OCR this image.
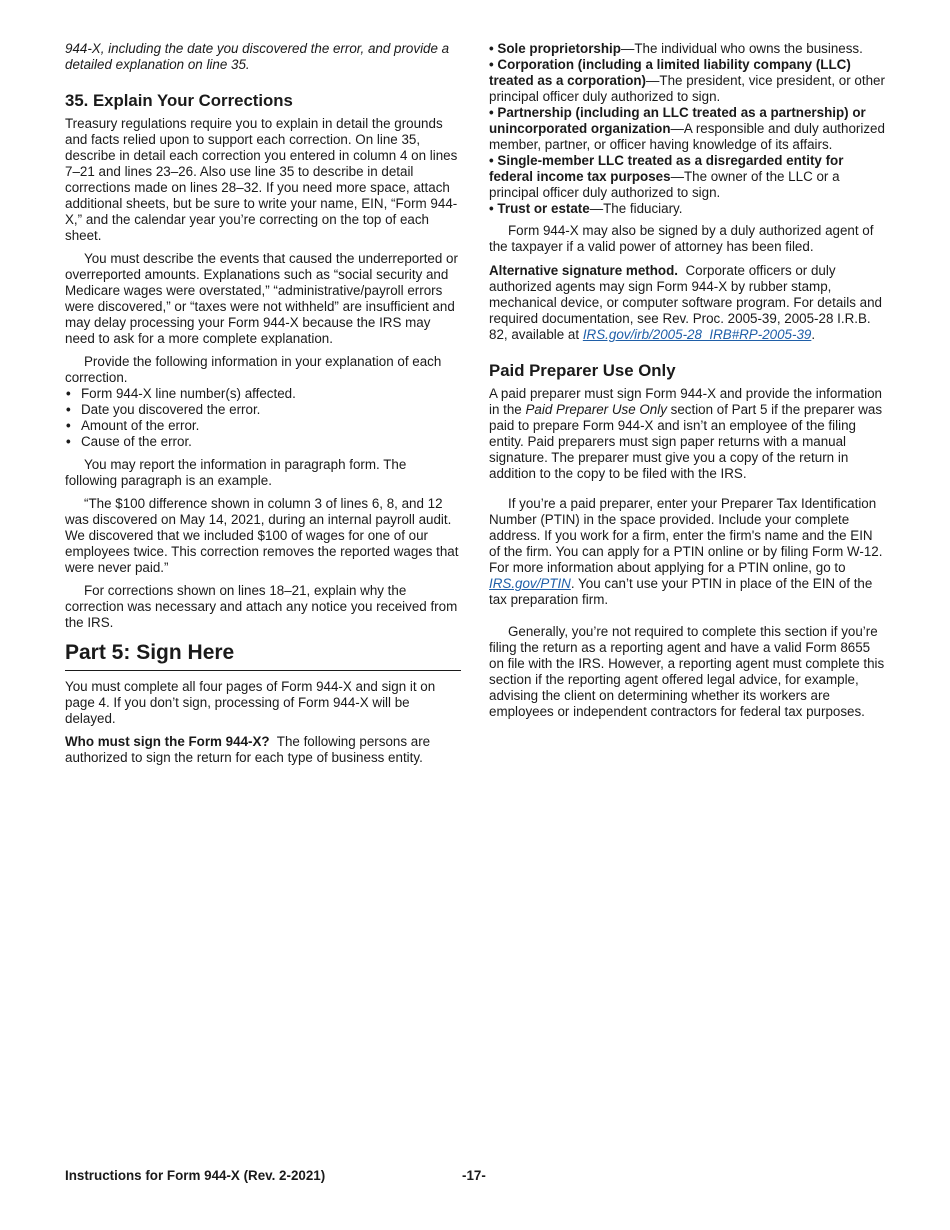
944-X, including the date you discovered the error, and provide a detailed explanation on line 35.

35. Explain Your Corrections

Treasury regulations require you to explain in detail the grounds and facts relied upon to support each correction. On line 35, describe in detail each correction you entered in column 4 on lines 7–21 and lines 23–26. Also use line 35 to describe in detail corrections made on lines 28–32. If you need more space, attach additional sheets, but be sure to write your name, EIN, “Form 944-X,” and the calendar year you’re correcting on the top of each sheet.

You must describe the events that caused the underreported or overreported amounts. Explanations such as “social security and Medicare wages were overstated,” “administrative/payroll errors were discovered,” or “taxes were not withheld” are insufficient and may delay processing your Form 944-X because the IRS may need to ask for a more complete explanation.

Provide the following information in your explanation of each correction.

• Form 944-X line number(s) affected.
• Date you discovered the error.
• Amount of the error.
• Cause of the error.

You may report the information in paragraph form. The following paragraph is an example.

“The $100 difference shown in column 3 of lines 6, 8, and 12 was discovered on May 14, 2021, during an internal payroll audit. We discovered that we included $100 of wages for one of our employees twice. This correction removes the reported wages that were never paid.”

For corrections shown on lines 18–21, explain why the correction was necessary and attach any notice you received from the IRS.

Part 5: Sign Here

You must complete all four pages of Form 944-X and sign it on page 4. If you don’t sign, processing of Form 944-X will be delayed.

Who must sign the Form 944-X? The following persons are authorized to sign the return for each type of business entity.

• Sole proprietorship—The individual who owns the business.
• Corporation (including a limited liability company (LLC) treated as a corporation)—The president, vice president, or other principal officer duly authorized to sign.
• Partnership (including an LLC treated as a partnership) or unincorporated organization—A responsible and duly authorized member, partner, or officer having knowledge of its affairs.
• Single-member LLC treated as a disregarded entity for federal income tax purposes—The owner of the LLC or a principal officer duly authorized to sign.
• Trust or estate—The fiduciary.

Form 944-X may also be signed by a duly authorized agent of the taxpayer if a valid power of attorney has been filed.

Alternative signature method. Corporate officers or duly authorized agents may sign Form 944-X by rubber stamp, mechanical device, or computer software program. For details and required documentation, see Rev. Proc. 2005-39, 2005-28 I.R.B. 82, available at IRS.gov/irb/2005-28_IRB#RP-2005-39.

Paid Preparer Use Only

A paid preparer must sign Form 944-X and provide the information in the Paid Preparer Use Only section of Part 5 if the preparer was paid to prepare Form 944-X and isn’t an employee of the filing entity. Paid preparers must sign paper returns with a manual signature. The preparer must give you a copy of the return in addition to the copy to be filed with the IRS.

If you’re a paid preparer, enter your Preparer Tax Identification Number (PTIN) in the space provided. Include your complete address. If you work for a firm, enter the firm's name and the EIN of the firm. You can apply for a PTIN online or by filing Form W-12. For more information about applying for a PTIN online, go to IRS.gov/PTIN. You can’t use your PTIN in place of the EIN of the tax preparation firm.

Generally, you’re not required to complete this section if you’re filing the return as a reporting agent and have a valid Form 8655 on file with the IRS. However, a reporting agent must complete this section if the reporting agent offered legal advice, for example, advising the client on determining whether its workers are employees or independent contractors for federal tax purposes.

Instructions for Form 944-X (Rev. 2-2021)	-17-
